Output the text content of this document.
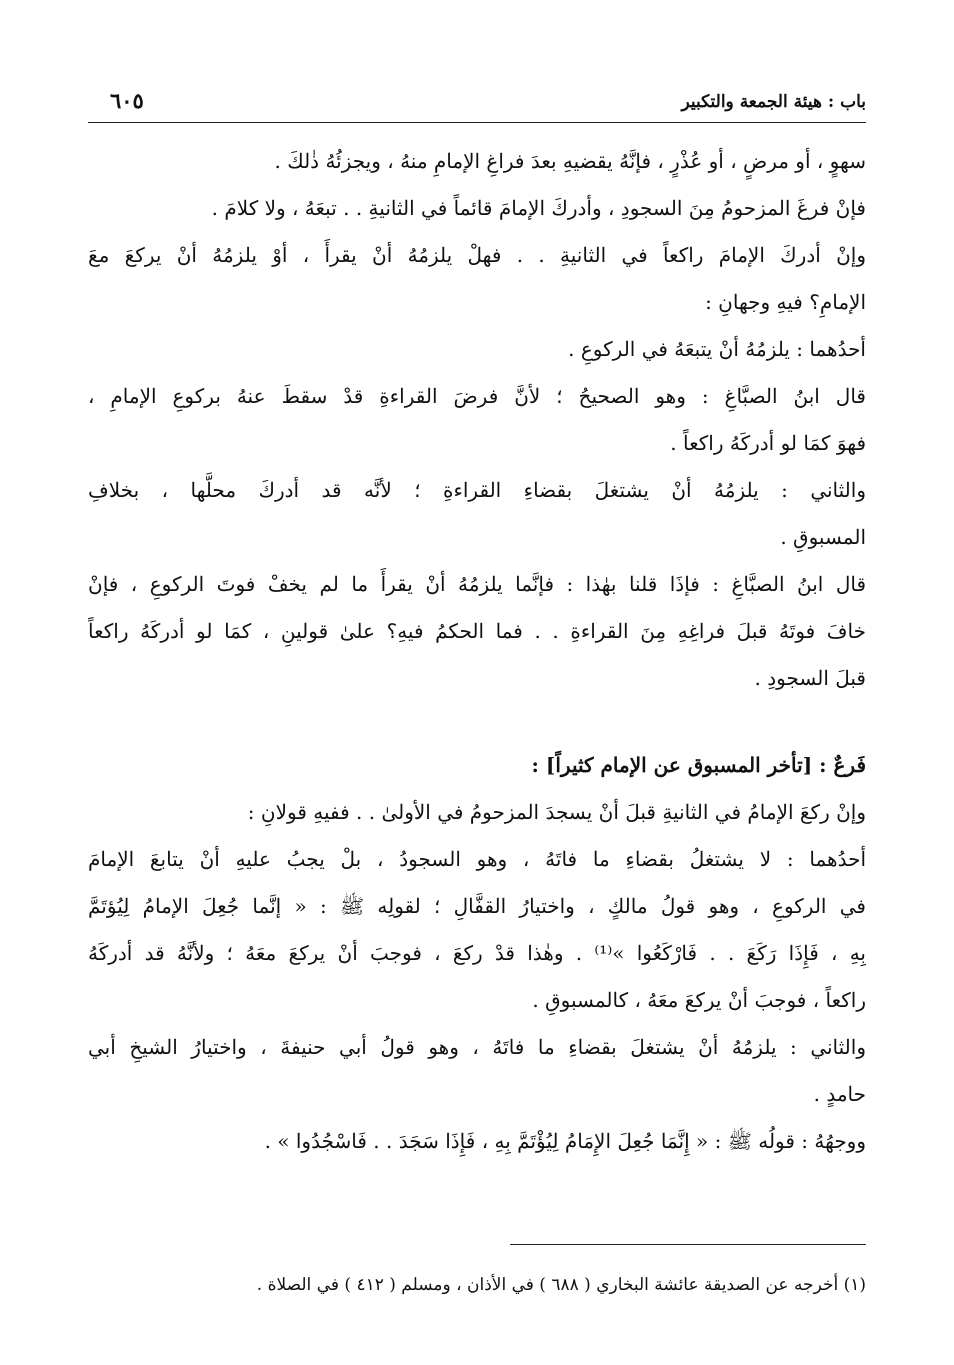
باب : هيئة الجمعة والتكبير
٦٠٥
سهوٍ ، أو مرضٍ ، أو عُذْرٍ ، فإنَّهُ يقضيهِ بعدَ فراغِ الإمامِ منهُ ، ويجزئُهُ ذٰلكَ .
فإنْ فرغَ المزحومُ مِنَ السجودِ ، وأدركَ الإمامَ قائماً في الثانيةِ . . تبعَهُ ، ولا كلامَ .
وإنْ أدركَ الإمامَ راكعاً في الثانيةِ . . فهلْ يلزمُهُ أنْ يقرأَ ، أوْ يلزمُهُ أنْ يركعَ معَ
الإمامِ؟ فيهِ وجهانِ :
أحدُهما : يلزمُهُ أنْ يتبعَهُ في الركوعِ .
قال ابنُ الصبَّاغِ : وهو الصحيحُ ؛ لأنَّ فرضَ القراءةِ قدْ سقطَ عنهُ بركوعِ الإمامِ ،
فهوَ كمَا لو أدركَهُ راكعاً .
والثاني : يلزمُهُ أنْ يشتغلَ بقضاءِ القراءةِ ؛ لأنَّه قد أدركَ محلَّها ، بخلافِ
المسبوقِ .
قال ابنُ الصبَّاغِ : فإذَا قلنا بهٰذا : فإنَّما يلزمُهُ أنْ يقرأَ ما لم يخفْ فوتَ الركوعِ ، فإنْ
خافَ فوتَهُ قبلَ فراغِهِ مِنَ القراءةِ . . فما الحكمُ فيهِ؟ علىٰ قولينِ ، كمَا لو أدركَهُ راكعاً
قبلَ السجودِ .
فَرعٌ : [تأخر المسبوق عن الإمام كثيراً] :
وإنْ ركعَ الإمامُ في الثانيةِ قبلَ أنْ يسجدَ المزحومُ في الأولىٰ . . ففيهِ قولانِ :
أحدُهما : لا يشتغلُ بقضاءِ ما فاتَهُ ، وهو السجودُ ، بلْ يجبُ عليهِ أنْ يتابعَ الإمامَ
في الركوعِ ، وهو قولُ مالكٍ ، واختيارُ القفَّالِ ؛ لقولِه ﷺ : « إنَّما جُعِلَ الإمامُ لِيُؤتَمَّ
بِهِ ، فَإِذَا رَكَعَ . . فَارْكَعُوا »⁽¹⁾ . وهٰذا قدْ ركعَ ، فوجبَ أنْ يركعَ معَهُ ؛ ولأنَّهُ قد أدركَهُ
راكعاً ، فوجبَ أنْ يركعَ معَهُ ، كالمسبوقِ .
والثاني : يلزمُهُ أنْ يشتغلَ بقضاءِ ما فاتَهُ ، وهو قولُ أبي حنيفةَ ، واختيارُ الشيخِ أبي
حامدٍ .
ووجهُهُ : قولُه ﷺ : « إِنَّمَا جُعِلَ الإِمَامُ لِيُؤْتَمَّ بِهِ ، فَإِذَا سَجَدَ . . فَاسْجُدُوا » .
(١) أخرجه عن الصديقة عائشة البخاري ( ٦٨٨ ) في الأذان ، ومسلم ( ٤١٢ ) في الصلاة .
